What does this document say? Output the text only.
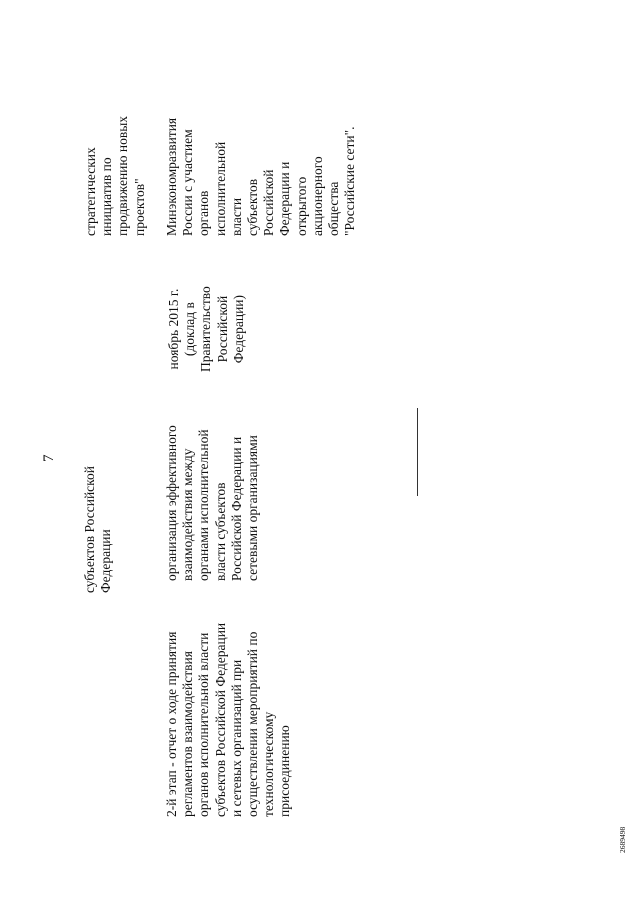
7
субъектов Российской Федерации
стратегических инициатив по продвижению новых проектов"
2-й этап - отчет о ходе принятия регламентов взаимодействия органов исполнительной власти субъектов Российской Федерации и сетевых организаций при осуществлении мероприятий по технологическому присоединению
организация эффективного взаимодействия между органами исполнительной власти субъектов Российской Федерации и сетевыми организациями
ноябрь 2015 г. (доклад в Правительство Российской Федерации)
Минэкономразвития России с участием органов исполнительной власти субъектов Российской Федерации и открытого акционерного общества "Российские сети".
2689498
